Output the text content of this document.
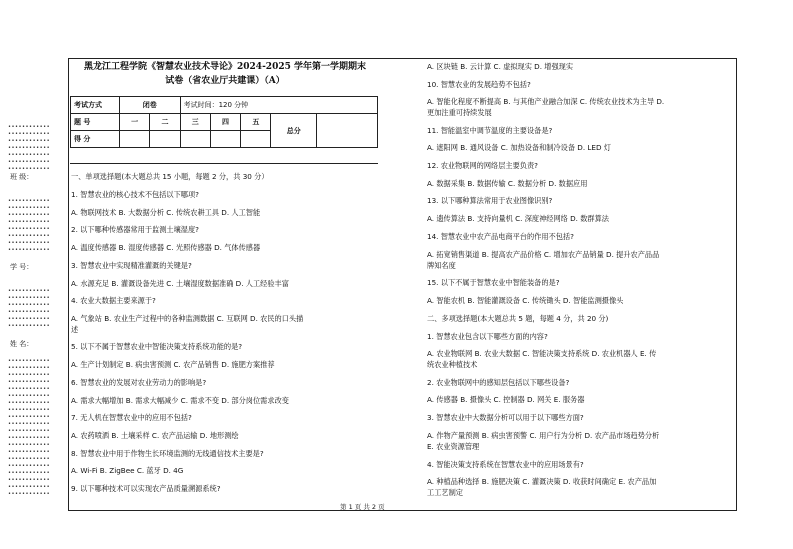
••••••••••••
••••••••••••
••••••••••••
••••••••••••
••••••••••••
••••••••••••
••••••••••••
班 级：
••••••••••••
••••••••••••
••••••••••••
••••••••••••
••••••••••••
••••••••••••
••••••••••••
••••••••••••
学 号：
••••••••••••
••••••••••••
••••••••••••
••••••••••••
••••••••••••
••••••••••••
姓 名：
••••••••••••
••••••••••••
••••••••••••
••••••••••••
••••••••••••
••••••••••••
••••••••••••
••••••••••••
••••••••••••
••••••••••••
••••••••••••
••••••••••••
••••••••••••
••••••••••••
••••••••••••
••••••••••••
••••••••••••
••••••••••••
••••••••••••
••••••••••••
黑龙江工程学院《智慧农业技术导论》2024-2025 学年第一学期期末
试卷（省农业厅共建课）（A）
考试方式	闭卷		考试时间：120 分钟				
题 号	一	二	三	四	五	总分	
得 分							
一、单项选择题(本大题总共 15 小题，每题 2 分，共 30 分）
1. 智慧农业的核心技术不包括以下哪项?
A. 物联网技术 B. 大数据分析 C. 传统农耕工具 D. 人工智能
2. 以下哪种传感器常用于监测土壤湿度?
A. 温度传感器 B. 湿度传感器 C. 光照传感器 D. 气体传感器
3. 智慧农业中实现精准灌溉的关键是?
A. 水源充足 B. 灌溉设备先进 C. 土壤湿度数据准确 D. 人工经验丰富
4. 农业大数据主要来源于?
A. 气象站 B. 农业生产过程中的各种监测数据 C. 互联网 D. 农民的口头描
述
5. 以下不属于智慧农业中智能决策支持系统功能的是?
A. 生产计划制定 B. 病虫害预测 C. 农产品销售 D. 施肥方案推荐
6. 智慧农业的发展对农业劳动力的影响是?
A. 需求大幅增加 B. 需求大幅减少 C. 需求不变 D. 部分岗位需求改变
7. 无人机在智慧农业中的应用不包括?
A. 农药喷洒 B. 土壤采样 C. 农产品运输 D. 地形测绘
8. 智慧农业中用于作物生长环境监测的无线通信技术主要是?
A. Wi-Fi B. ZigBee C. 蓝牙 D. 4G
9. 以下哪种技术可以实现农产品质量溯源系统?
A. 区块链 B. 云计算 C. 虚拟现实 D. 增强现实
10. 智慧农业的发展趋势不包括?
A. 智能化程度不断提高 B. 与其他产业融合加深 C. 传统农业技术为主导 D.
更加注重可持续发展
11. 智能温室中调节温度的主要设备是?
A. 遮阳网 B. 通风设备 C. 加热设备和制冷设备 D. LED 灯
12. 农业物联网的网络层主要负责?
A. 数据采集 B. 数据传输 C. 数据分析 D. 数据应用
13. 以下哪种算法常用于农业图像识别?
A. 遗传算法 B. 支持向量机 C. 深度神经网络 D. 数群算法
14. 智慧农业中农产品电商平台的作用不包括?
A. 拓宽销售渠道 B. 提高农产品价格 C. 增加农产品销量 D. 提升农产品品
牌知名度
15. 以下不属于智慧农业中智能装备的是?
A. 智能农机 B. 智能灌溉设备 C. 传统锄头 D. 智能监测摄像头
二、多项选择题(本大题总共 5 题，每题 4 分，共 20 分)
1. 智慧农业包含以下哪些方面的内容?
A. 农业物联网 B. 农业大数据 C. 智能决策支持系统 D. 农业机器人 E. 传
统农业种植技术
2. 农业物联网中的感知层包括以下哪些设备?
A. 传感器 B. 摄像头 C. 控制器 D. 网关 E. 服务器
3. 智慧农业中大数据分析可以用于以下哪些方面?
A. 作物产量预测 B. 病虫害预警 C. 用户行为分析 D. 农产品市场趋势分析
E. 农业资源管理
4. 智能决策支持系统在智慧农业中的应用场景有?
A. 种植品种选择 B. 施肥决策 C. 灌溉决策 D. 收获时间确定 E. 农产品加
工工艺制定
第 1 页 共 2 页
